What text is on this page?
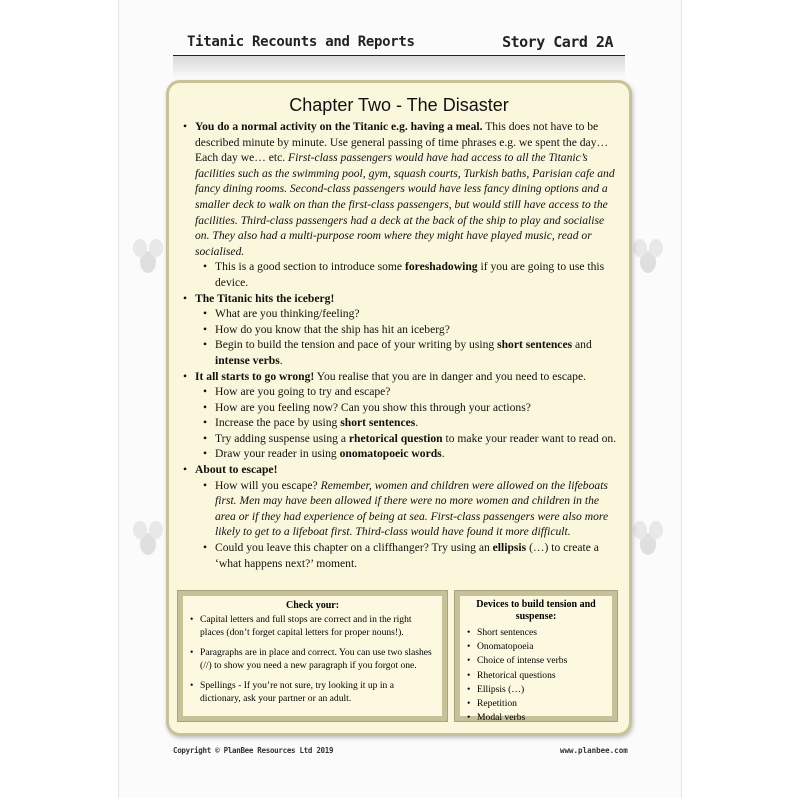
Titanic Recounts and Reports	Story Card 2A
Chapter Two - The Disaster
• You do a normal activity on the Titanic e.g. having a meal. This does not have to be described minute by minute. Use general passing of time phrases e.g. we spent the day… Each day we… etc. First-class passengers would have had access to all the Titanic’s facilities such as the swimming pool, gym, squash courts, Turkish baths, Parisian cafe and fancy dining rooms. Second-class passengers would have less fancy dining options and a smaller deck to walk on than the first-class passengers, but would still have access to the facilities. Third-class passengers had a deck at the back of the ship to play and socialise on. They also had a multi-purpose room where they might have played music, read or socialised.
• This is a good section to introduce some foreshadowing if you are going to use this device.
• The Titanic hits the iceberg!
• What are you thinking/feeling?
• How do you know that the ship has hit an iceberg?
• Begin to build the tension and pace of your writing by using short sentences and intense verbs.
• It all starts to go wrong! You realise that you are in danger and you need to escape.
• How are you going to try and escape?
• How are you feeling now? Can you show this through your actions?
• Increase the pace by using short sentences.
• Try adding suspense using a rhetorical question to make your reader want to read on.
• Draw your reader in using onomatopoeic words.
• About to escape!
• How will you escape? Remember, women and children were allowed on the lifeboats first. Men may have been allowed if there were no more women and children in the area or if they had experience of being at sea. First-class passengers were also more likely to get to a lifeboat first. Third-class would have found it more difficult.
• Could you leave this chapter on a cliffhanger? Try using an ellipsis (…) to create a ‘what happens next?’ moment.
Check your:
• Capital letters and full stops are correct and in the right places (don’t forget capital letters for proper nouns!).
• Paragraphs are in place and correct. You can use two slashes (//) to show you need a new paragraph if you forgot one.
• Spellings - If you’re not sure, try looking it up in a dictionary, ask your partner or an adult.
Devices to build tension and suspense:
• Short sentences
• Onomatopoeia
• Choice of intense verbs
• Rhetorical questions
• Ellipsis (…)
• Repetition
• Modal verbs
Copyright © PlanBee Resources Ltd 2019	www.planbee.com
